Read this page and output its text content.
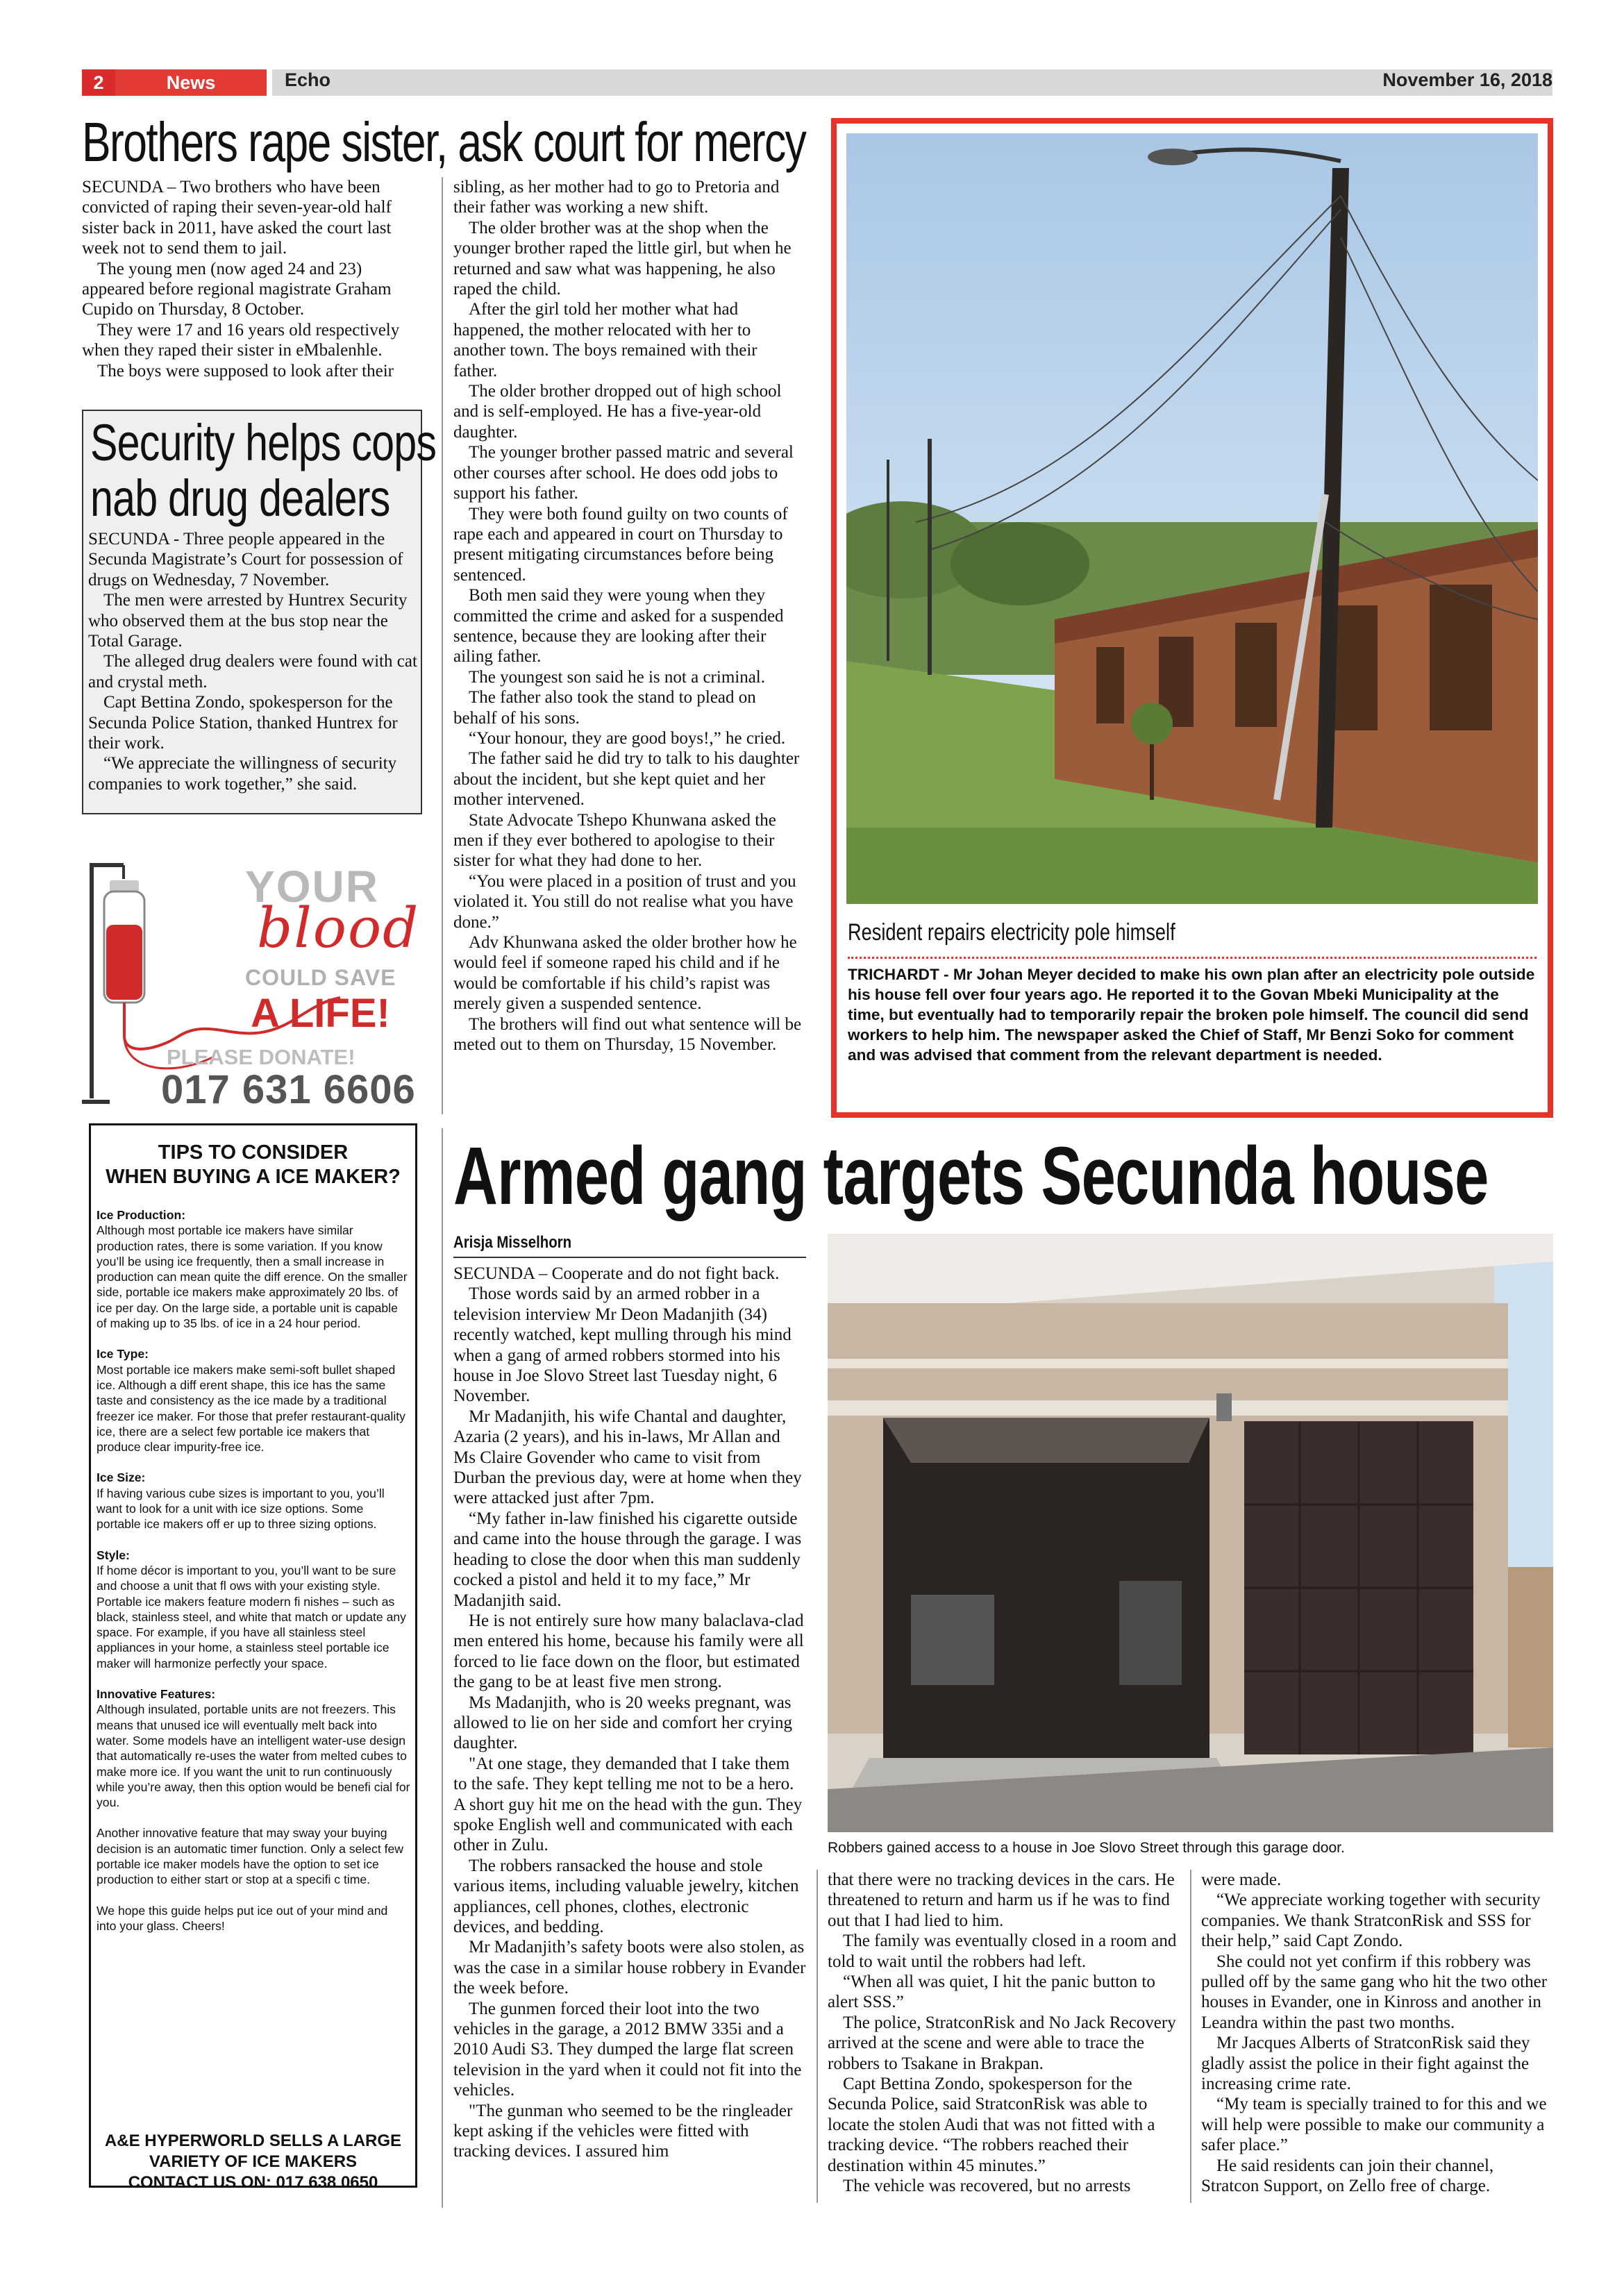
2	News	Echo	November 16, 2018
Brothers rape sister, ask court for mercy

SECUNDA – Two brothers who have been convicted of raping their seven-year-old half sister back in 2011, have asked the court last week not to send them to jail.

The young men (now aged 24 and 23) appeared before regional magistrate Graham Cupido on Thursday, 8 October.

They were 17 and 16 years old respectively when they raped their sister in eMbalenhle.

The boys were supposed to look after their

sibling, as her mother had to go to Pretoria and their father was working a new shift.

The older brother was at the shop when the younger brother raped the little girl, but when he returned and saw what was happening, he also raped the child.

After the girl told her mother what had happened, the mother relocated with her to another town. The boys remained with their father.

The older brother dropped out of high school and is self-employed. He has a five-year-old daughter.

The younger brother passed matric and several other courses after school. He does odd jobs to support his father.

They were both found guilty on two counts of rape each and appeared in court on Thursday to present mitigating circumstances before being sentenced.

Both men said they were young when they committed the crime and asked for a suspended sentence, because they are looking after their ailing father.

The youngest son said he is not a criminal.

The father also took the stand to plead on behalf of his sons.

“Your honour, they are good boys!,” he cried.

The father said he did try to talk to his daughter about the incident, but she kept quiet and her mother intervened.

State Advocate Tshepo Khunwana asked the men if they ever bothered to apologise to their sister for what they had done to her.

“You were placed in a position of trust and you violated it. You still do not realise what you have done.”

Adv Khunwana asked the older brother how he would feel if someone raped his child and if he would be comfortable if his child’s rapist was merely given a suspended sentence.

The brothers will find out what sentence will be meted out to them on Thursday, 15 November.

Security helps cops
nab drug dealers

SECUNDA - Three people appeared in the Secunda Magistrate’s Court for possession of drugs on Wednesday, 7 November.

The men were arrested by Huntrex Security who observed them at the bus stop near the Total Garage.

The alleged drug dealers were found with cat and crystal meth.

Capt Bettina Zondo, spokesperson for the Secunda Police Station, thanked Huntrex for their work.

“We appreciate the willingness of security companies to work together,” she said.

YOUR
blood
COULD SAVE
A LIFE!
PLEASE DONATE!
017 631 6606
TIPS TO CONSIDER
WHEN BUYING A ICE MAKER?

Ice Production:
Although most portable ice makers have similar production rates, there is some variation. If you know you’ll be using ice frequently, then a small increase in production can mean quite the diff erence. On the smaller side, portable ice makers make approximately 20 lbs. of ice per day. On the large side, a portable unit is capable of making up to 35 lbs. of ice in a 24 hour period.

Ice Type:
Most portable ice makers make semi-soft bullet shaped ice. Although a diff erent shape, this ice has the same taste and consistency as the ice made by a traditional freezer ice maker. For those that prefer restaurant-quality ice, there are a select few portable ice makers that produce clear impurity-free ice.

Ice Size:
If having various cube sizes is important to you, you’ll want to look for a unit with ice size options. Some portable ice makers off er up to three sizing options.

Style:
If home décor is important to you, you’ll want to be sure and choose a unit that fl ows with your existing style. Portable ice makers feature modern fi nishes – such as black, stainless steel, and white that match or update any space. For example, if you have all stainless steel appliances in your home, a stainless steel portable ice maker will harmonize perfectly your space.

Innovative Features:
Although insulated, portable units are not freezers. This means that unused ice will eventually melt back into water. Some models have an intelligent water-use design that automatically re-uses the water from melted cubes to make more ice. If you want the unit to run continuously while you’re away, then this option would be benefi cial for you.

Another innovative feature that may sway your buying decision is an automatic timer function. Only a select few portable ice maker models have the option to set ice production to either start or stop at a specifi c time.

We hope this guide helps put ice out of your mind and into your glass. Cheers!

A&E HYPERWORLD SELLS A LARGE
VARIETY OF ICE MAKERS
CONTACT US ON: 017 638 0650
Resident repairs electricity pole himself
TRICHARDT - Mr Johan Meyer decided to make his own plan after an electricity pole outside his house fell over four years ago. He reported it to the Govan Mbeki Municipality at the time, but eventually had to temporarily repair the broken pole himself. The council did send workers to help him. The newspaper asked the Chief of Staff, Mr Benzi Soko for comment and was advised that comment from the relevant department is needed.
Armed gang targets Secunda house
Arisja Misselhorn

SECUNDA – Cooperate and do not fight back.

Those words said by an armed robber in a television interview Mr Deon Madanjith (34) recently watched, kept mulling through his mind when a gang of armed robbers stormed into his house in Joe Slovo Street last Tuesday night, 6 November.

Mr Madanjith, his wife Chantal and daughter, Azaria (2 years), and his in-laws, Mr Allan and Ms Claire Govender who came to visit from Durban the previous day, were at home when they were attacked just after 7pm.

“My father in-law finished his cigarette outside and came into the house through the garage. I was heading to close the door when this man suddenly cocked a pistol and held it to my face,” Mr Madanjith said.

He is not entirely sure how many balaclava-clad men entered his home, because his family were all forced to lie face down on the floor, but estimated the gang to be at least five men strong.

Ms Madanjith, who is 20 weeks pregnant, was allowed to lie on her side and comfort her crying daughter.

"At one stage, they demanded that I take them to the safe. They kept telling me not to be a hero. A short guy hit me on the head with the gun. They spoke English well and communicated with each other in Zulu.

The robbers ransacked the house and stole various items, including valuable jewelry, kitchen appliances, cell phones, clothes, electronic devices, and bedding.

Mr Madanjith’s safety boots were also stolen, as was the case in a similar house robbery in Evander the week before.

The gunmen forced their loot into the two vehicles in the garage, a 2012 BMW 335i and a 2010 Audi S3. They dumped the large flat screen television in the yard when it could not fit into the vehicles.

"The gunman who seemed to be the ringleader kept asking if the vehicles were fitted with tracking devices. I assured him

Robbers gained access to a house in Joe Slovo Street through this garage door.

that there were no tracking devices in the cars. He threatened to return and harm us if he was to find out that I had lied to him.

The family was eventually closed in a room and told to wait until the robbers had left.

“When all was quiet, I hit the panic button to alert SSS.”

The police, StratconRisk and No Jack Recovery arrived at the scene and were able to trace the robbers to Tsakane in Brakpan.

Capt Bettina Zondo, spokesperson for the Secunda Police, said StratconRisk was able to locate the stolen Audi that was not fitted with a tracking device. “The robbers reached their destination within 45 minutes.”

The vehicle was recovered, but no arrests

were made.

“We appreciate working together with security companies. We thank StratconRisk and SSS for their help,” said Capt Zondo.

She could not yet confirm if this robbery was pulled off by the same gang who hit the two other houses in Evander, one in Kinross and another in Leandra within the past two months.

Mr Jacques Alberts of StratconRisk said they gladly assist the police in their fight against the increasing crime rate.

“My team is specially trained to for this and we will help were possible to make our community a safer place.”

He said residents can join their channel, Stratcon Support, on Zello free of charge.
